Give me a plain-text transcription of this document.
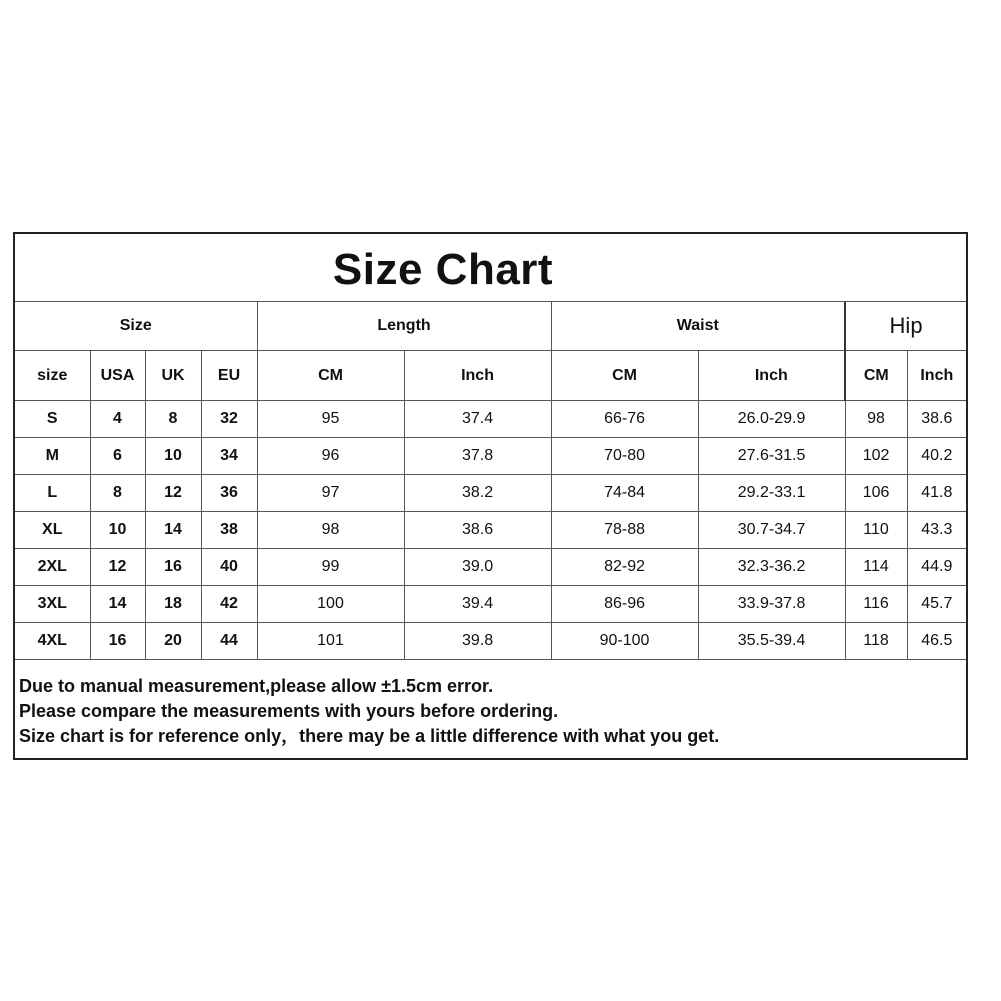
Size Chart
Size				Length		Waist		Hip	
size	USA	UK	EU	CM	Inch	CM	Inch	CM	Inch
S	4	8	32	95	37.4	66-76	26.0-29.9	98	38.6
M	6	10	34	96	37.8	70-80	27.6-31.5	102	40.2
L	8	12	36	97	38.2	74-84	29.2-33.1	106	41.8
XL	10	14	38	98	38.6	78-88	30.7-34.7	110	43.3
2XL	12	16	40	99	39.0	82-92	32.3-36.2	114	44.9
3XL	14	18	42	100	39.4	86-96	33.9-37.8	116	45.7
4XL	16	20	44	101	39.8	90-100	35.5-39.4	118	46.5
Due to manual measurement,please allow ±1.5cm error.
Please compare the measurements with yours before ordering.
Size chart is for reference only，there may be a little difference with what you get.
